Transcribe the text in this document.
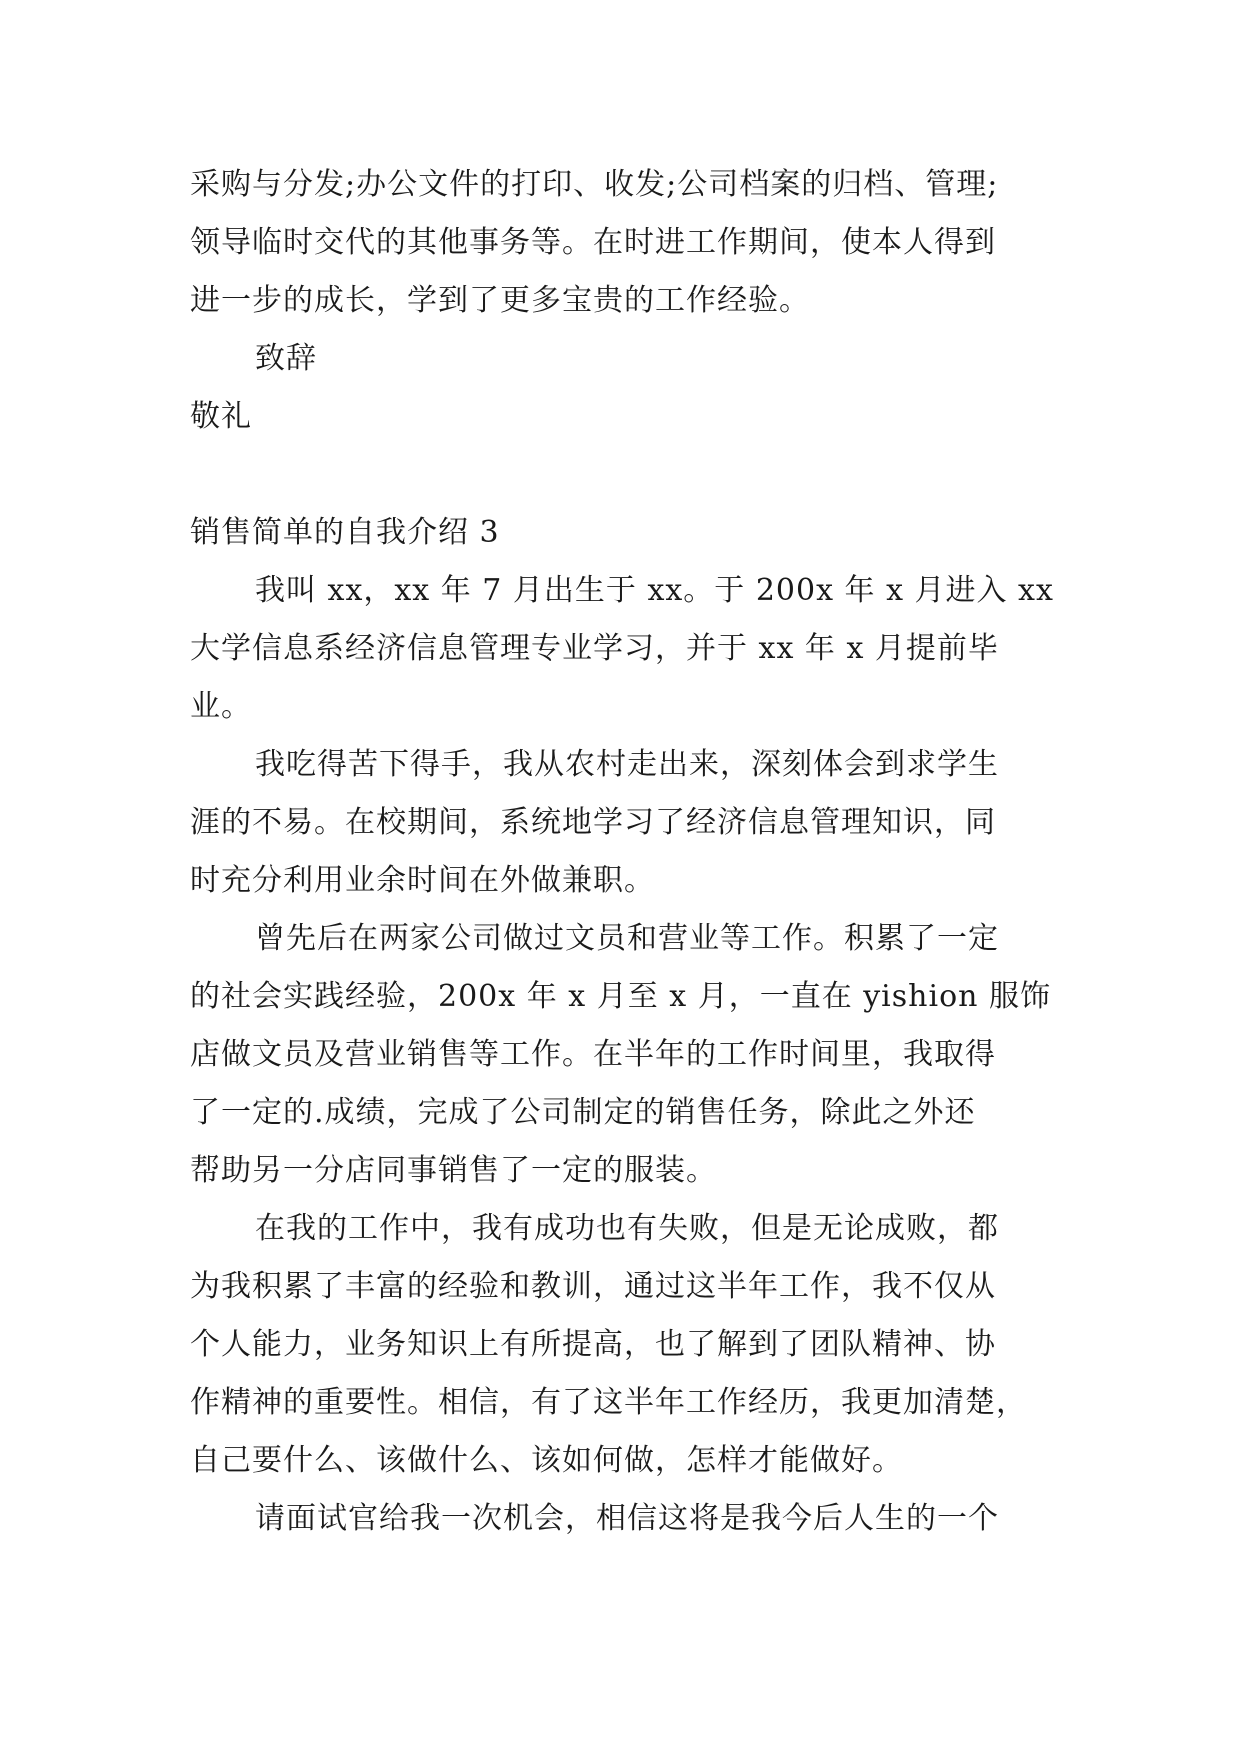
采购与分发;办公文件的打印、收发;公司档案的归档、管理;
领导临时交代的其他事务等。在时进工作期间，使本人得到
进一步的成长，学到了更多宝贵的工作经验。

致辞

敬礼

销售简单的自我介绍 3

我叫 xx，xx 年 7 月出生于 xx。于 200x 年 x 月进入 xx
大学信息系经济信息管理专业学习，并于 xx 年 x 月提前毕
业。

我吃得苦下得手，我从农村走出来，深刻体会到求学生
涯的不易。在校期间，系统地学习了经济信息管理知识，同
时充分利用业余时间在外做兼职。

曾先后在两家公司做过文员和营业等工作。积累了一定
的社会实践经验，200x 年 x 月至 x 月，一直在 yishion 服饰
店做文员及营业销售等工作。在半年的工作时间里，我取得
了一定的.成绩，完成了公司制定的销售任务，除此之外还
帮助另一分店同事销售了一定的服装。

在我的工作中，我有成功也有失败，但是无论成败，都
为我积累了丰富的经验和教训，通过这半年工作，我不仅从
个人能力，业务知识上有所提高，也了解到了团队精神、协
作精神的重要性。相信，有了这半年工作经历，我更加清楚，
自己要什么、该做什么、该如何做，怎样才能做好。

请面试官给我一次机会，相信这将是我今后人生的一个
